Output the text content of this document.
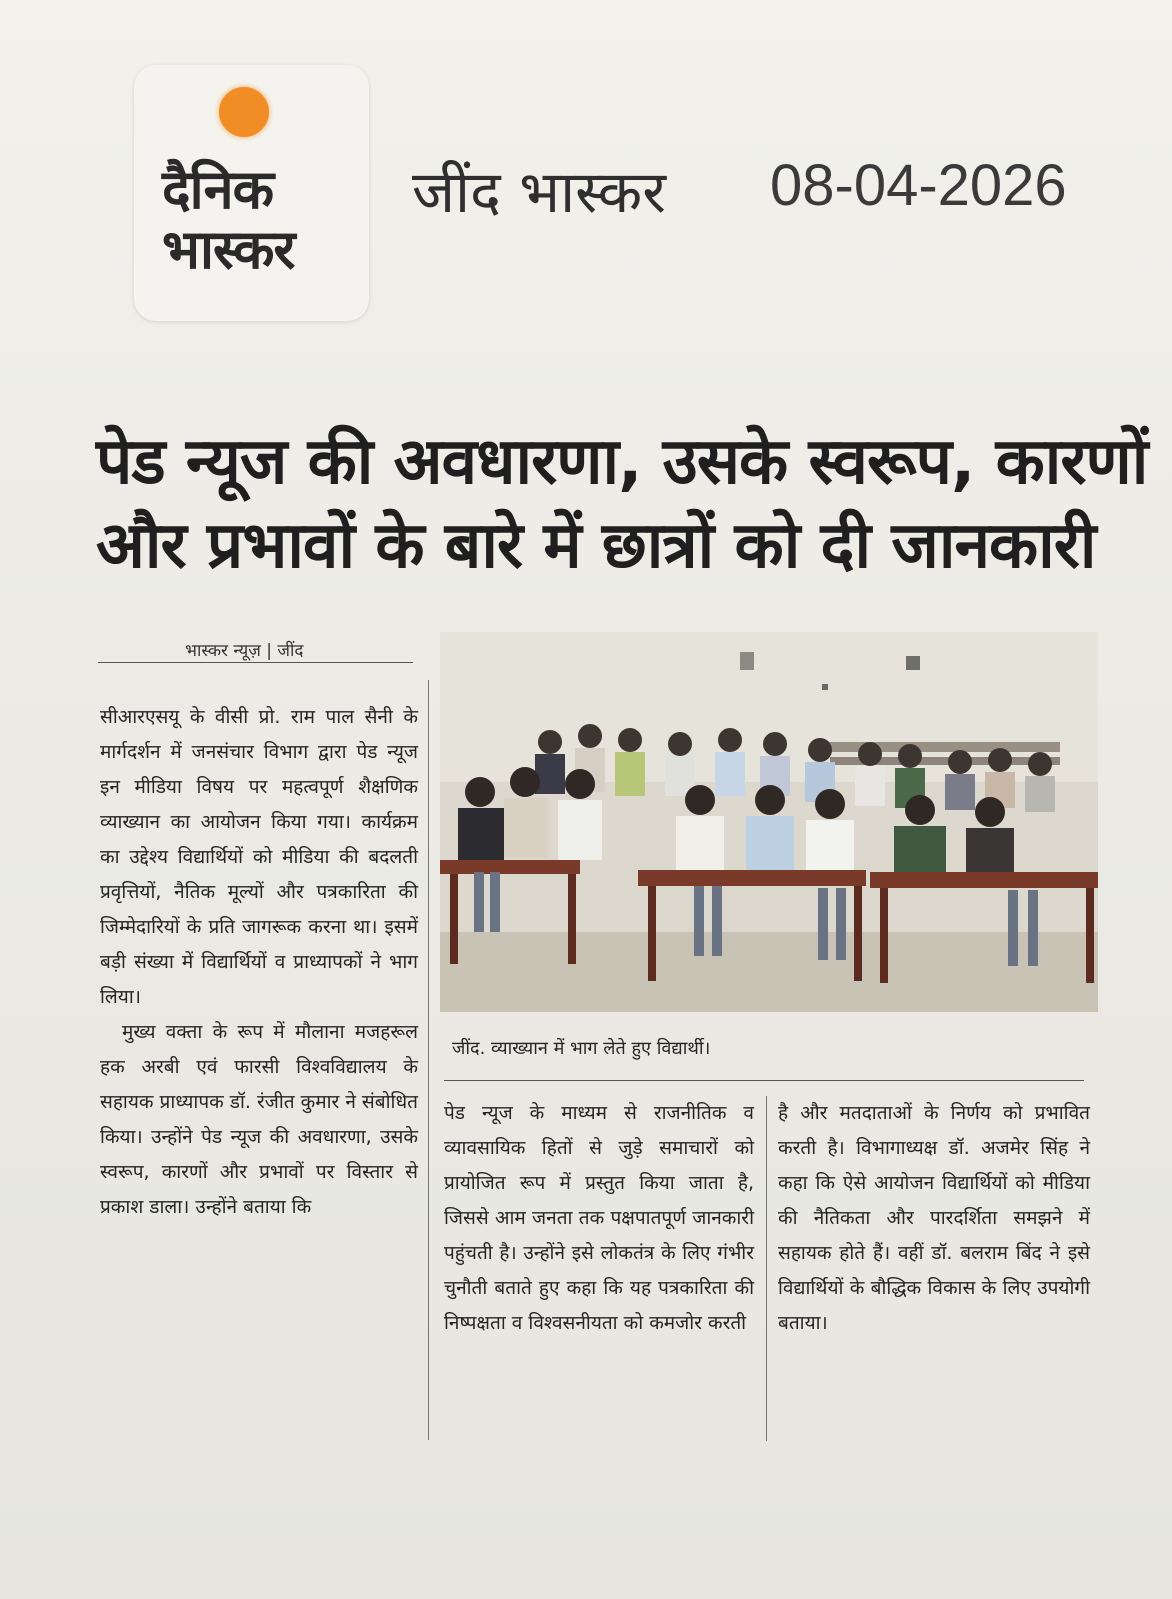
दैनिक
भास्कर
जींद भास्कर 08-04-2026
पेड न्यूज की अवधारणा, उसके स्वरूप, कारणों
और प्रभावों के बारे में छात्रों को दी जानकारी
भास्कर न्यूज़ | जींद

सीआरएसयू के वीसी प्रो. राम पाल सैनी के मार्गदर्शन में जनसंचार विभाग द्वारा पेड न्यूज इन मीडिया विषय पर महत्वपूर्ण शैक्षणिक व्याख्यान का आयोजन किया गया। कार्यक्रम का उद्देश्य विद्यार्थियों को मीडिया की बदलती प्रवृत्तियों, नैतिक मूल्यों और पत्रकारिता की जिम्मेदारियों के प्रति जागरूक करना था। इसमें बड़ी संख्या में विद्यार्थियों व प्राध्यापकों ने भाग लिया।

मुख्य वक्ता के रूप में मौलाना मजहरूल हक अरबी एवं फारसी विश्वविद्यालय के सहायक प्राध्यापक डॉ. रंजीत कुमार ने संबोधित किया। उन्होंने पेड न्यूज की अवधारणा, उसके स्वरूप, कारणों और प्रभावों पर विस्तार से प्रकाश डाला। उन्होंने बताया कि

जींद. व्याख्यान में भाग लेते हुए विद्यार्थी।

पेड न्यूज के माध्यम से राजनीतिक व व्यावसायिक हितों से जुड़े समाचारों को प्रायोजित रूप में प्रस्तुत किया जाता है, जिससे आम जनता तक पक्षपातपूर्ण जानकारी पहुंचती है। उन्होंने इसे लोकतंत्र के लिए गंभीर चुनौती बताते हुए कहा कि यह पत्रकारिता की निष्पक्षता व विश्वसनीयता को कमजोर करती

है और मतदाताओं के निर्णय को प्रभावित करती है। विभागाध्यक्ष डॉ. अजमेर सिंह ने कहा कि ऐसे आयोजन विद्यार्थियों को मीडिया की नैतिकता और पारदर्शिता समझने में सहायक होते हैं। वहीं डॉ. बलराम बिंद ने इसे विद्यार्थियों के बौद्धिक विकास के लिए उपयोगी बताया।
